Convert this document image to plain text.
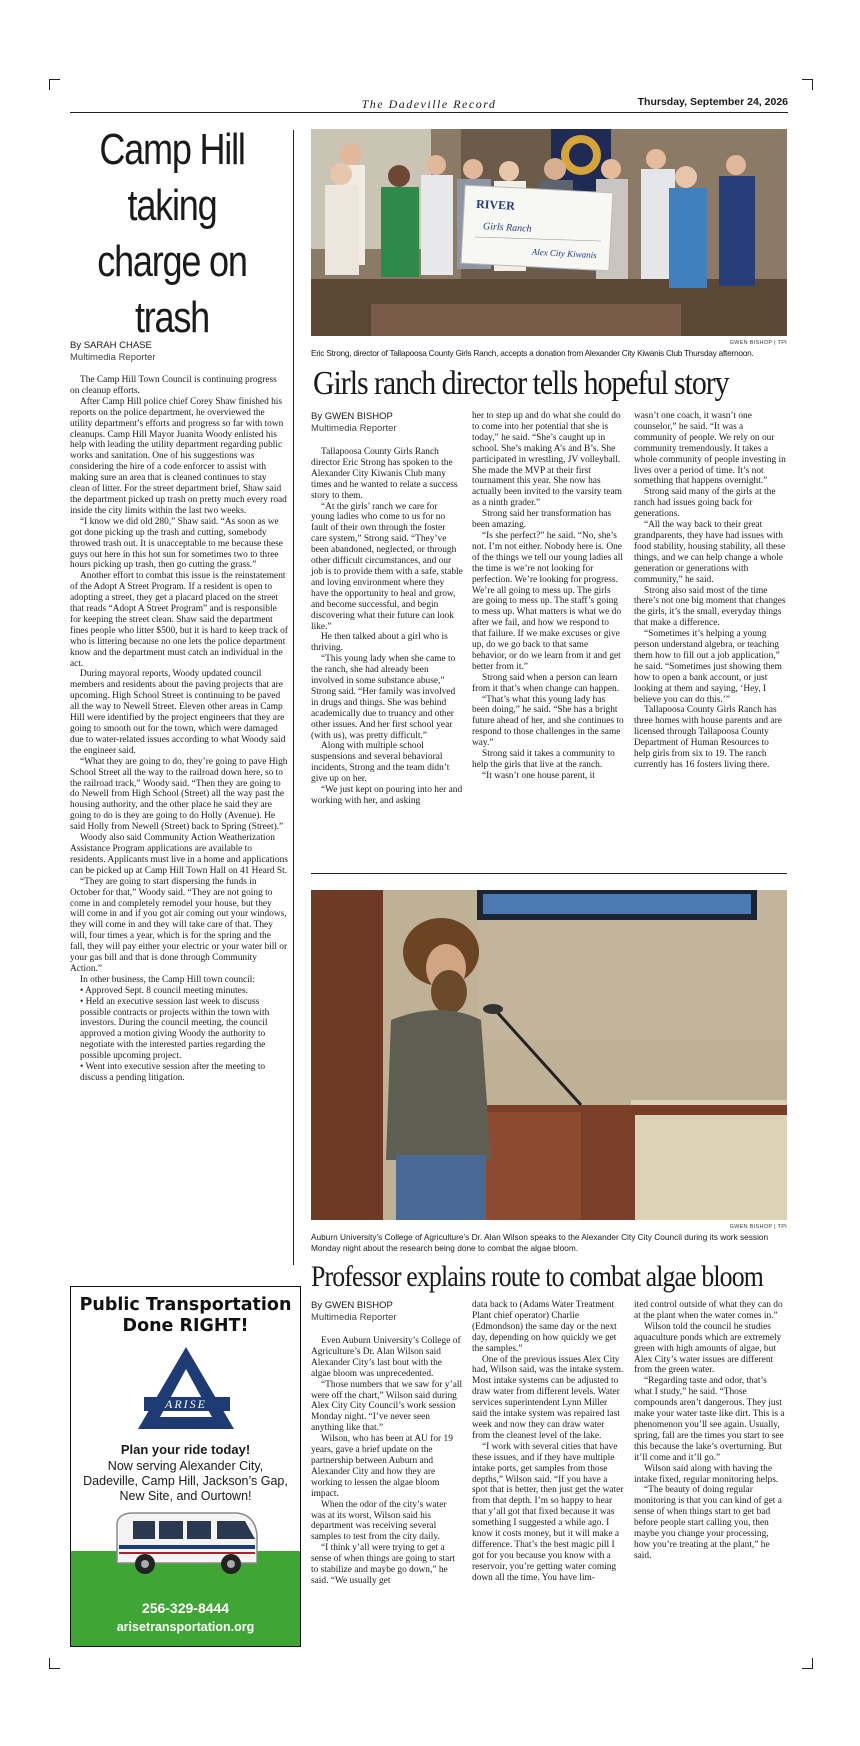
The Dadeville Record	Thursday, September 24, 2026
Camp Hill taking charge on trash
By SARAH CHASE
Multimedia Reporter

The Camp Hill Town Council is continuing progress on cleanup efforts.

After Camp Hill police chief Corey Shaw finished his reports on the police department, he overviewed the utility department’s efforts and progress so far with town cleanups. Camp Hill Mayor Juanita Woody enlisted his help with leading the utility department regarding public works and sanitation. One of his suggestions was considering the hire of a code enforcer to assist with making sure an area that is cleaned continues to stay clean of litter. For the street department brief, Shaw said the department picked up trash on pretty much every road inside the city limits within the last two weeks.

“I know we did old 280,” Shaw said. “As soon as we got done picking up the trash and cutting, somebody throwed trash out. It is unacceptable to me because these guys out here in this hot sun for sometimes two to three hours picking up trash, then go cutting the grass.”

Another effort to combat this issue is the reinstatement of the Adopt A Street Program. If a resident is open to adopting a street, they get a placard placed on the street that reads “Adopt A Street Program” and is responsible for keeping the street clean. Shaw said the department fines people who litter $500, but it is hard to keep track of who is littering because no one lets the police department know and the department must catch an individual in the act.

During mayoral reports, Woody updated council members and residents about the paving projects that are upcoming. High School Street is continuing to be paved all the way to Newell Street. Eleven other areas in Camp Hill were identified by the project engineers that they are going to smooth out for the town, which were damaged due to water-related issues according to what Woody said the engineer said.

“What they are going to do, they’re going to pave High School Street all the way to the railroad down here, so to the railroad track,” Woody said. “Then they are going to do Newell from High School (Street) all the way past the housing authority, and the other place he said they are going to do is they are going to do Holly (Avenue). He said Holly from Newell (Street) back to Spring (Street).”

Woody also said Community Action Weatherization Assistance Program applications are available to residents. Applicants must live in a home and applications can be picked up at Camp Hill Town Hall on 41 Heard St.

“They are going to start dispersing the funds in October for that,” Woody said. “They are not going to come in and completely remodel your house, but they will come in and if you got air coming out your windows, they will come in and they will take care of that. They will, four times a year, which is for the spring and the fall, they will pay either your electric or your water bill or your gas bill and that is done through Community Action.”

In other business, the Camp Hill town council:

• Approved Sept. 8 council meeting minutes.

• Held an executive session last week to discuss possible contracts or projects within the town with investors. During the council meeting, the council approved a motion giving Woody the authority to negotiate with the interested parties regarding the possible upcoming project.

• Went into executive session after the meeting to discuss a pending litigation.

Public Transportation Done RIGHT!
ARISE
Plan your ride today!
Now serving Alexander City, Dadeville, Camp Hill, Jackson’s Gap, New Site, and Ourtown!
256-329-8444
arisetransportation.org
RIVER
Girls Ranch
Alex City Kiwanis
GWEN BISHOP | TPI
Eric Strong, director of Tallapoosa County Girls Ranch, accepts a donation from Alexander City Kiwanis Club Thursday afternoon.
Girls ranch director tells hopeful story
By GWEN BISHOP
Multimedia Reporter

Tallapoosa County Girls Ranch director Eric Strong has spoken to the Alexander City Kiwanis Club many times and he wanted to relate a success story to them.

“At the girls’ ranch we care for young ladies who come to us for no fault of their own through the foster care system,” Strong said. “They’ve been abandoned, neglected, or through other difficult circumstances, and our job is to provide them with a safe, stable and loving environment where they have the opportunity to heal and grow, and become successful, and begin discovering what their future can look like.”

He then talked about a girl who is thriving.

“This young lady when she came to the ranch, she had already been involved in some substance abuse,” Strong said. “Her family was involved in drugs and things. She was behind academically due to truancy and other other issues. And her first school year (with us), was pretty difficult.”

Along with multiple school suspensions and several behavioral incidents, Strong and the team didn’t give up on her.

“We just kept on pouring into her and working with her, and asking

her to step up and do what she could do to come into her potential that she is today,” he said. “She’s caught up in school. She’s making A’s and B’s. She participated in wrestling, JV volleyball. She made the MVP at their first tournament this year. She now has actually been invited to the varsity team as a ninth grader.”

Strong said her transformation has been amazing.

“Is she perfect?” he said. “No, she’s not. I’m not either. Nobody here is. One of the things we tell our young ladies all the time is we’re not looking for perfection. We’re looking for progress. We’re all going to mess up. The girls are going to mess up. The staff’s going to mess up. What matters is what we do after we fail, and how we respond to that failure. If we make excuses or give up, do we go back to that same behavior, or do we learn from it and get better from it.”

Strong said when a person can learn from it that’s when change can happen.

“That’s what this young lady has been doing,” he said. “She has a bright future ahead of her, and she continues to respond to those challenges in the same way.”

Strong said it takes a community to help the girls that live at the ranch.

“It wasn’t one house parent, it

wasn’t one coach, it wasn’t one counselor,” he said. “It was a community of people. We rely on our community tremendously. It takes a whole community of people investing in lives over a period of time. It’s not something that happens overnight.”

Strong said many of the girls at the ranch had issues going back for generations.

“All the way back to their great grandparents, they have had issues with food stability, housing stability, all these things, and we can help change a whole generation or generations with community,” he said.

Strong also said most of the time there’s not one big moment that changes the girls, it’s the small, everyday things that make a difference.

“Sometimes it’s helping a young person understand algebra, or teaching them how to fill out a job application,” he said. “Sometimes just showing them how to open a bank account, or just looking at them and saying, ‘Hey, I believe you can do this.’”

Tallapoosa County Girls Ranch has three homes with house parents and are licensed through Tallapoosa County Department of Human Resources to help girls from six to 19. The ranch currently has 16 fosters living there.

GWEN BISHOP | TPI
Auburn University’s College of Agriculture’s Dr. Alan Wilson speaks to the Alexander City City Council during its work session Monday night about the research being done to combat the algae bloom.
Professor explains route to combat algae bloom
By GWEN BISHOP
Multimedia Reporter

Even Auburn University’s College of Agriculture’s Dr. Alan Wilson said Alexander City’s last bout with the algae bloom was unprecedented.

“Those numbers that we saw for y’all were off the chart,” Wilson said during Alex City City Council’s work session Monday night. “I’ve never seen anything like that.”

Wilson, who has been at AU for 19 years, gave a brief update on the partnership between Auburn and Alexander City and how they are working to lessen the algae bloom impact.

When the odor of the city’s water was at its worst, Wilson said his department was receiving several samples to test from the city daily.

“I think y’all were trying to get a sense of when things are going to start to stabilize and maybe go down,” he said. “We usually get

data back to (Adams Water Treatment Plant chief operator) Charlie (Edmondson) the same day or the next day, depending on how quickly we get the samples.”

One of the previous issues Alex City had, Wilson said, was the intake system. Most intake systems can be adjusted to draw water from different levels. Water services superintendent Lynn Miller said the intake system was repaired last week and now they can draw water from the cleanest level of the lake.

“I work with several cities that have these issues, and if they have multiple intake ports, get samples from those depths,” Wilson said. “If you have a spot that is better, then just get the water from that depth. I’m so happy to hear that y’all got that fixed because it was something I suggested a while ago. I know it costs money, but it will make a difference. That’s the best magic pill I got for you because you know with a reservoir, you’re getting water coming down all the time. You have lim-

ited control outside of what they can do at the plant when the water comes in.”

Wilson told the council he studies aquaculture ponds which are extremely green with high amounts of algae, but Alex City’s water issues are different from the green water.

“Regarding taste and odor, that’s what I study,” he said. “Those compounds aren’t dangerous. They just make your water taste like dirt. This is a phenomenon you’ll see again. Usually, spring, fall are the times you start to see this because the lake’s overturning. But it’ll come and it’ll go.”

Wilson said along with having the intake fixed, regular monitoring helps.

“The beauty of doing regular monitoring is that you can kind of get a sense of when things start to get bad before people start calling you, then maybe you change your processing, how you’re treating at the plant,” he said.
